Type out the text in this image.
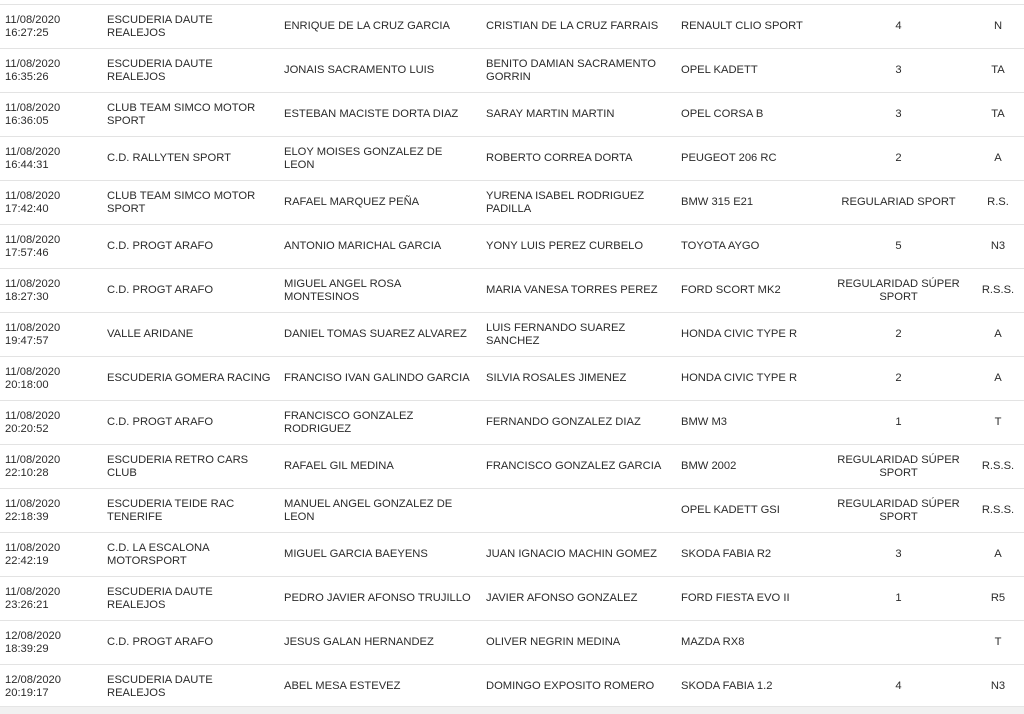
11/08/2020
16:27:25	ESCUDERIA DAUTE REALEJOS	ENRIQUE DE LA CRUZ GARCIA	CRISTIAN DE LA CRUZ FARRAIS	RENAULT CLIO SPORT	4	N
11/08/2020
16:35:26	ESCUDERIA DAUTE REALEJOS	JONAIS SACRAMENTO LUIS	BENITO DAMIAN SACRAMENTO GORRIN	OPEL KADETT	3	TA
11/08/2020
16:36:05	CLUB TEAM SIMCO MOTOR SPORT	ESTEBAN MACISTE DORTA DIAZ	SARAY MARTIN MARTIN	OPEL CORSA B	3	TA
11/08/2020
16:44:31	C.D. RALLYTEN SPORT	ELOY MOISES GONZALEZ DE LEON	ROBERTO CORREA DORTA	PEUGEOT 206 RC	2	A
11/08/2020
17:42:40	CLUB TEAM SIMCO MOTOR SPORT	RAFAEL MARQUEZ PEÑA	YURENA ISABEL RODRIGUEZ PADILLA	BMW 315 E21	REGULARIAD SPORT	R.S.
11/08/2020
17:57:46	C.D. PROGT ARAFO	ANTONIO MARICHAL GARCIA	YONY LUIS PEREZ CURBELO	TOYOTA AYGO	5	N3
11/08/2020
18:27:30	C.D. PROGT ARAFO	MIGUEL ANGEL ROSA MONTESINOS	MARIA VANESA TORRES PEREZ	FORD SCORT MK2	REGULARIDAD SÚPER SPORT	R.S.S.
11/08/2020
19:47:57	VALLE ARIDANE	DANIEL TOMAS SUAREZ ALVAREZ	LUIS FERNANDO SUAREZ SANCHEZ	HONDA CIVIC TYPE R	2	A
11/08/2020
20:18:00	ESCUDERIA GOMERA RACING	FRANCISO IVAN GALINDO GARCIA	SILVIA ROSALES JIMENEZ	HONDA CIVIC TYPE R	2	A
11/08/2020
20:20:52	C.D. PROGT ARAFO	FRANCISCO GONZALEZ RODRIGUEZ	FERNANDO GONZALEZ DIAZ	BMW M3	1	T
11/08/2020
22:10:28	ESCUDERIA RETRO CARS CLUB	RAFAEL GIL MEDINA	FRANCISCO GONZALEZ GARCIA	BMW 2002	REGULARIDAD SÚPER SPORT	R.S.S.
11/08/2020
22:18:39	ESCUDERIA TEIDE RAC TENERIFE	MANUEL ANGEL GONZALEZ DE LEON		OPEL KADETT GSI	REGULARIDAD SÚPER SPORT	R.S.S.
11/08/2020
22:42:19	C.D. LA ESCALONA MOTORSPORT	MIGUEL GARCIA BAEYENS	JUAN IGNACIO MACHIN GOMEZ	SKODA FABIA R2	3	A
11/08/2020
23:26:21	ESCUDERIA DAUTE REALEJOS	PEDRO JAVIER AFONSO TRUJILLO	JAVIER AFONSO GONZALEZ	FORD FIESTA EVO II	1	R5
12/08/2020
18:39:29	C.D. PROGT ARAFO	JESUS GALAN HERNANDEZ	OLIVER NEGRIN MEDINA	MAZDA RX8		T
12/08/2020
20:19:17	ESCUDERIA DAUTE REALEJOS	ABEL MESA ESTEVEZ	DOMINGO EXPOSITO ROMERO	SKODA FABIA 1.2	4	N3
